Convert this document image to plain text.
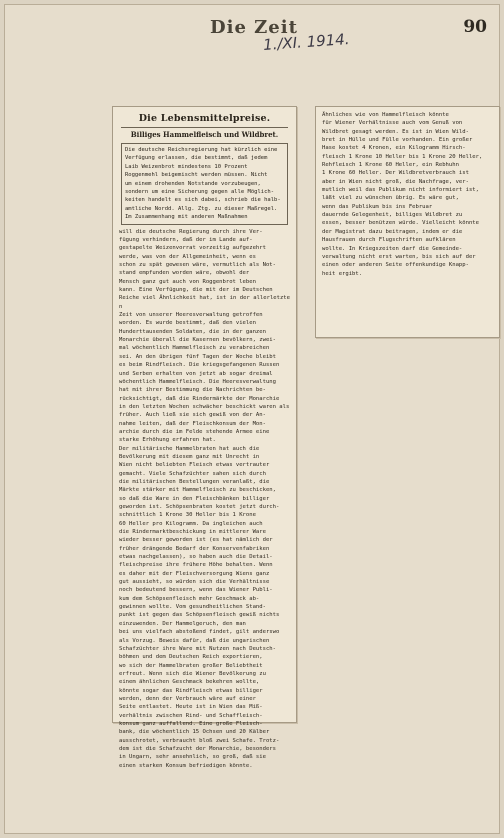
Die Zeit	90
1./XI. 1914.
Die Lebensmittelpreise.
Billiges Hammelfleisch und Wildbret.
Die deutsche Reichsregierung hat kürzlich eine
Verfügung erlassen, die bestimmt, daß jedem
Laib Weizenbrot mindestens 10 Prozent
Roggenmehl beigemischt werden müssen. Nicht
um einem drohenden Notstande vorzubeugen,
sondern um eine Sicherung gegen alle Möglich-
keiten handelt es sich dabei, schrieb die halb-
amtliche Nordd. Allg. Ztg. zu dieser Maßregel.
Im Zusammenhang mit anderen Maßnahmen
will die deutsche Regierung durch ihre Ver-
fügung verhindern, daß der im Lande auf-
gestapelte Weizenvorrat vorzeitig aufgezehrt
werde, was von der Allgemeinheit, wenn es
schon zu spät gewesen wäre, vermutlich als Not-
stand empfunden worden wäre, obwohl der
Mensch ganz gut auch von Roggenbrot leben
kann. Eine Verfügung, die mit der im Deutschen
Reiche viel Ähnlichkeit hat, ist in der allerletzten
Zeit von unserer Heeresverwaltung getroffen
worden. Es wurde bestimmt, daß den vielen
Hunderttausenden Soldaten, die in der ganzen
Monarchie überall die Kasernen bevölkern, zwei-
mal wöchentlich Hammelfleisch zu verabreichen
sei. An den übrigen fünf Tagen der Woche bleibt
es beim Rindfleisch. Die kriegsgefangenen Russen
und Serben erhalten von jetzt ab sogar dreimal
wöchentlich Hammelfleisch. Die Heeresverwaltung
hat mit ihrer Bestimmung die Nachrichten be-
rücksichtigt, daß die Rindermärkte der Monarchie
in den letzten Wochen schwächer beschickt waren als
früher. Auch ließ sie sich gewiß von der An-
nahme leiten, daß der Fleischkonsum der Mon-
archie durch die im Felde stehende Armee eine
starke Erhöhung erfahren hat.
Der militärische Hammelbraten hat auch die
Bevölkerung mit diesem ganz mit Unrecht in
Wien nicht beliebten Fleisch etwas vertrauter
gemacht. Viele Schafzüchter sahen sich durch
die militärischen Bestellungen veranlaßt, die
Märkte stärker mit Hammelfleisch zu beschicken,
so daß die Ware in den Fleischbänken billiger
geworden ist. Schöpsenbraten kostet jetzt durch-
schnittlich 1 Krone 30 Heller bis 1 Krone
60 Heller pro Kilogramm. Da ingleichen auch
die Rindermarktbeschickung in mittlerer Ware
wieder besser geworden ist (es hat nämlich der
früher drängende Bedarf der Konservenfabriken
etwas nachgelassen), so haben auch die Detail-
fleischpreise ihre frühere Höhe behalten. Wenn
es daher mit der Fleischversorgung Wiens ganz
gut aussieht, so würden sich die Verhältnisse
noch bedeutend bessern, wenn das Wiener Publi-
kum dem Schöpsenfleisch mehr Geschmack ab-
gewinnen wollte. Vom gesundheitlichen Stand-
punkt ist gegen das Schöpsenfleisch gewiß nichts
einzuwenden. Der Hammelgeruch, den man
bei uns vielfach abstoßend findet, gilt anderswo
als Vorzug. Beweis dafür, daß die ungarischen
Schafzüchter ihre Ware mit Nutzen nach Deutsch-
böhmen und dem Deutschen Reich exportieren,
wo sich der Hammelbraten großer Beliebtheit
erfreut. Wenn sich die Wiener Bevölkerung zu
einem ähnlichen Geschmack bekehren wollte,
könnte sogar das Rindfleisch etwas billiger
werden, denn der Verbrauch wäre auf einer
Seite entlastet. Heute ist in Wien das Miß-
verhältnis zwischen Rind- und Schaffleisch-
konsum ganz auffallend. Eine große Fleisch-
bank, die wöchentlich 15 Ochsen und 20 Kälber
ausschrotet, verbraucht bloß zwei Schafe. Trotz-
dem ist die Schafzucht der Monarchie, besonders
in Ungarn, sehr ansehnlich, so groß, daß sie
einen starken Konsum befriedigen könnte.
Ähnliches wie von Hammelfleisch könnte
für Wiener Verhältnisse auch vom Genuß von
Wildbret gesagt werden. Es ist in Wien Wild-
bret in Hülle und Fülle vorhanden. Ein großer
Hase kostet 4 Kronen, ein Kilogramm Hirsch-
fleisch 1 Krone 10 Heller bis 1 Krone 20 Heller,
Rehfleisch 1 Krone 60 Heller, ein Rebhuhn
1 Krone 60 Heller. Der Wildbretverbrauch ist
aber in Wien nicht groß, die Nachfrage, ver-
mutlich weil das Publikum nicht informiert ist,
läßt viel zu wünschen übrig. Es wäre gut,
wenn das Publikum bis ins Februar
dauernde Gelegenheit, billiges Wildbret zu
essen, besser benützen würde. Vielleicht könnte
der Magistrat dazu beitragen, indem er die
Hausfrauen durch Flugschriften aufklären
wollte. In Kriegszeiten darf die Gemeinde-
verwaltung nicht erst warten, bis sich auf der
einen oder anderen Seite offenkundige Knapp-
heit ergibt.
